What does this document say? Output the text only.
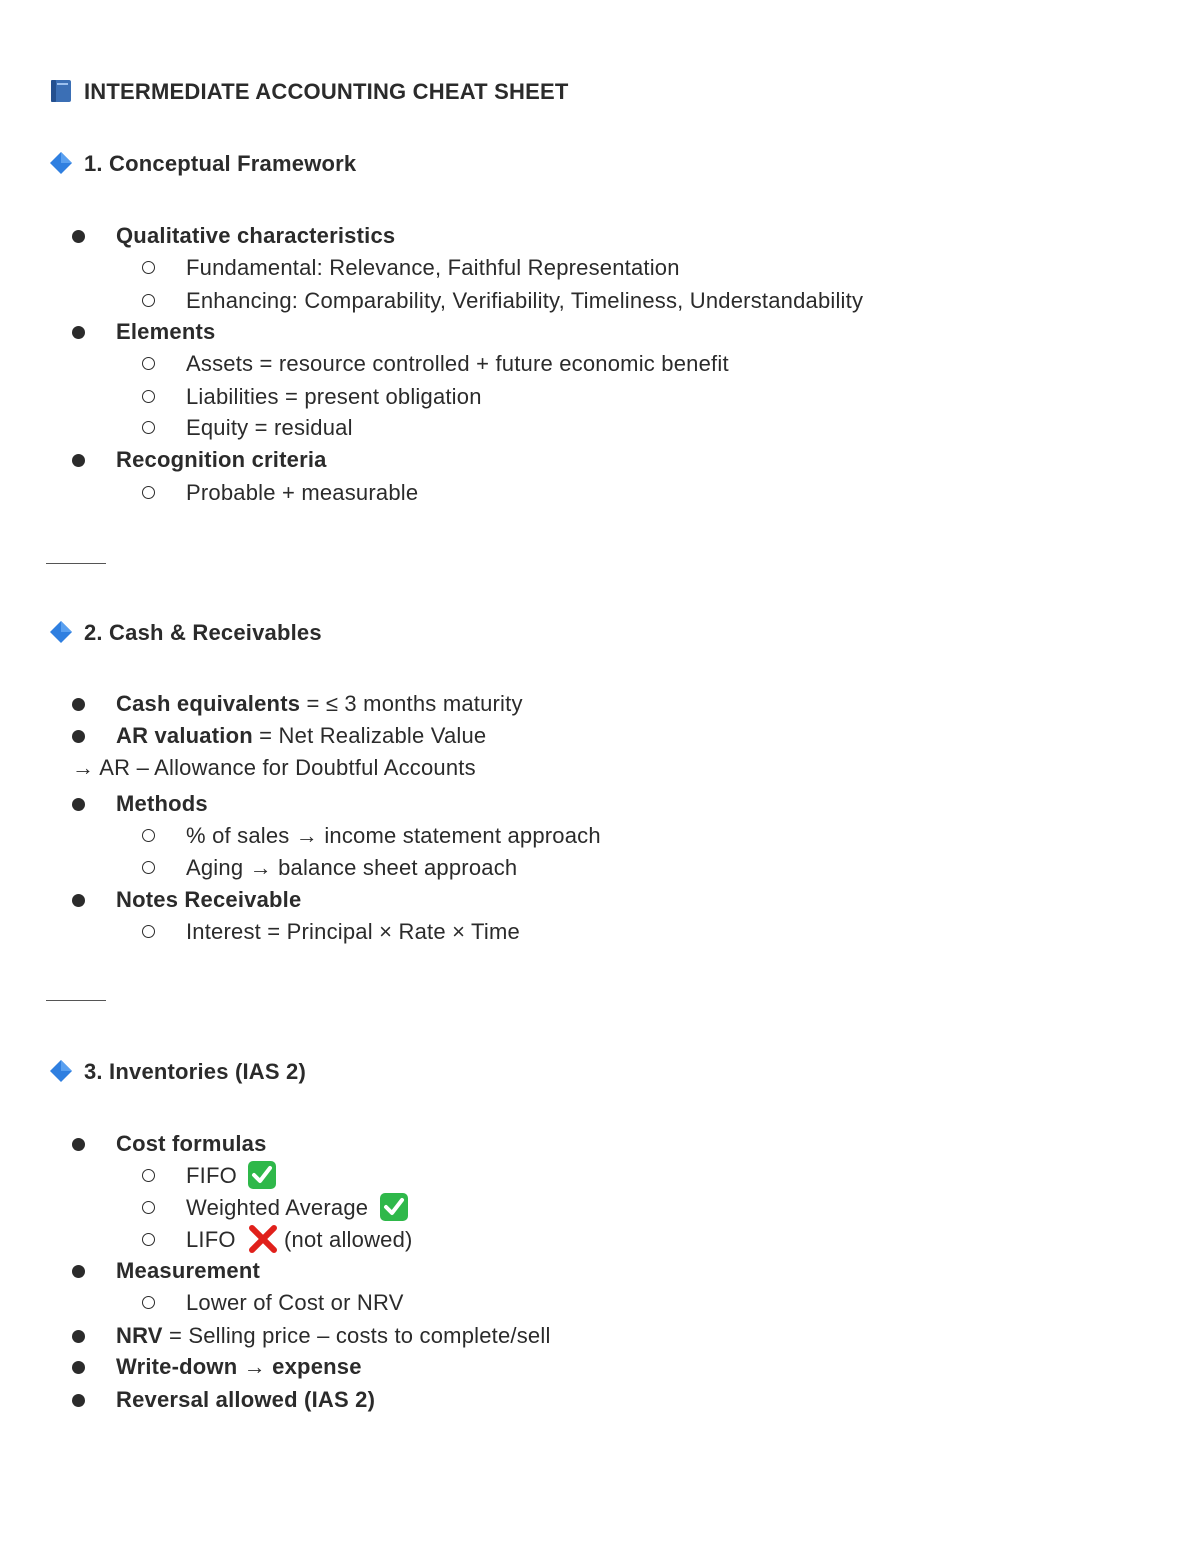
INTERMEDIATE ACCOUNTING CHEAT SHEET
1. Conceptual Framework
Qualitative characteristics
Fundamental: Relevance, Faithful Representation
Enhancing: Comparability, Verifiability, Timeliness, Understandability
Elements
Assets = resource controlled + future economic benefit
Liabilities = present obligation
Equity = residual
Recognition criteria
Probable + measurable
2. Cash & Receivables
Cash equivalents = ≤ 3 months maturity
AR valuation = Net Realizable Value
→ AR – Allowance for Doubtful Accounts
Methods
% of sales → income statement approach
Aging → balance sheet approach
Notes Receivable
Interest = Principal × Rate × Time
3. Inventories (IAS 2)
Cost formulas
FIFO
Weighted Average
LIFO (not allowed)
Measurement
Lower of Cost or NRV
NRV = Selling price – costs to complete/sell
Write-down → expense
Reversal allowed (IAS 2)
